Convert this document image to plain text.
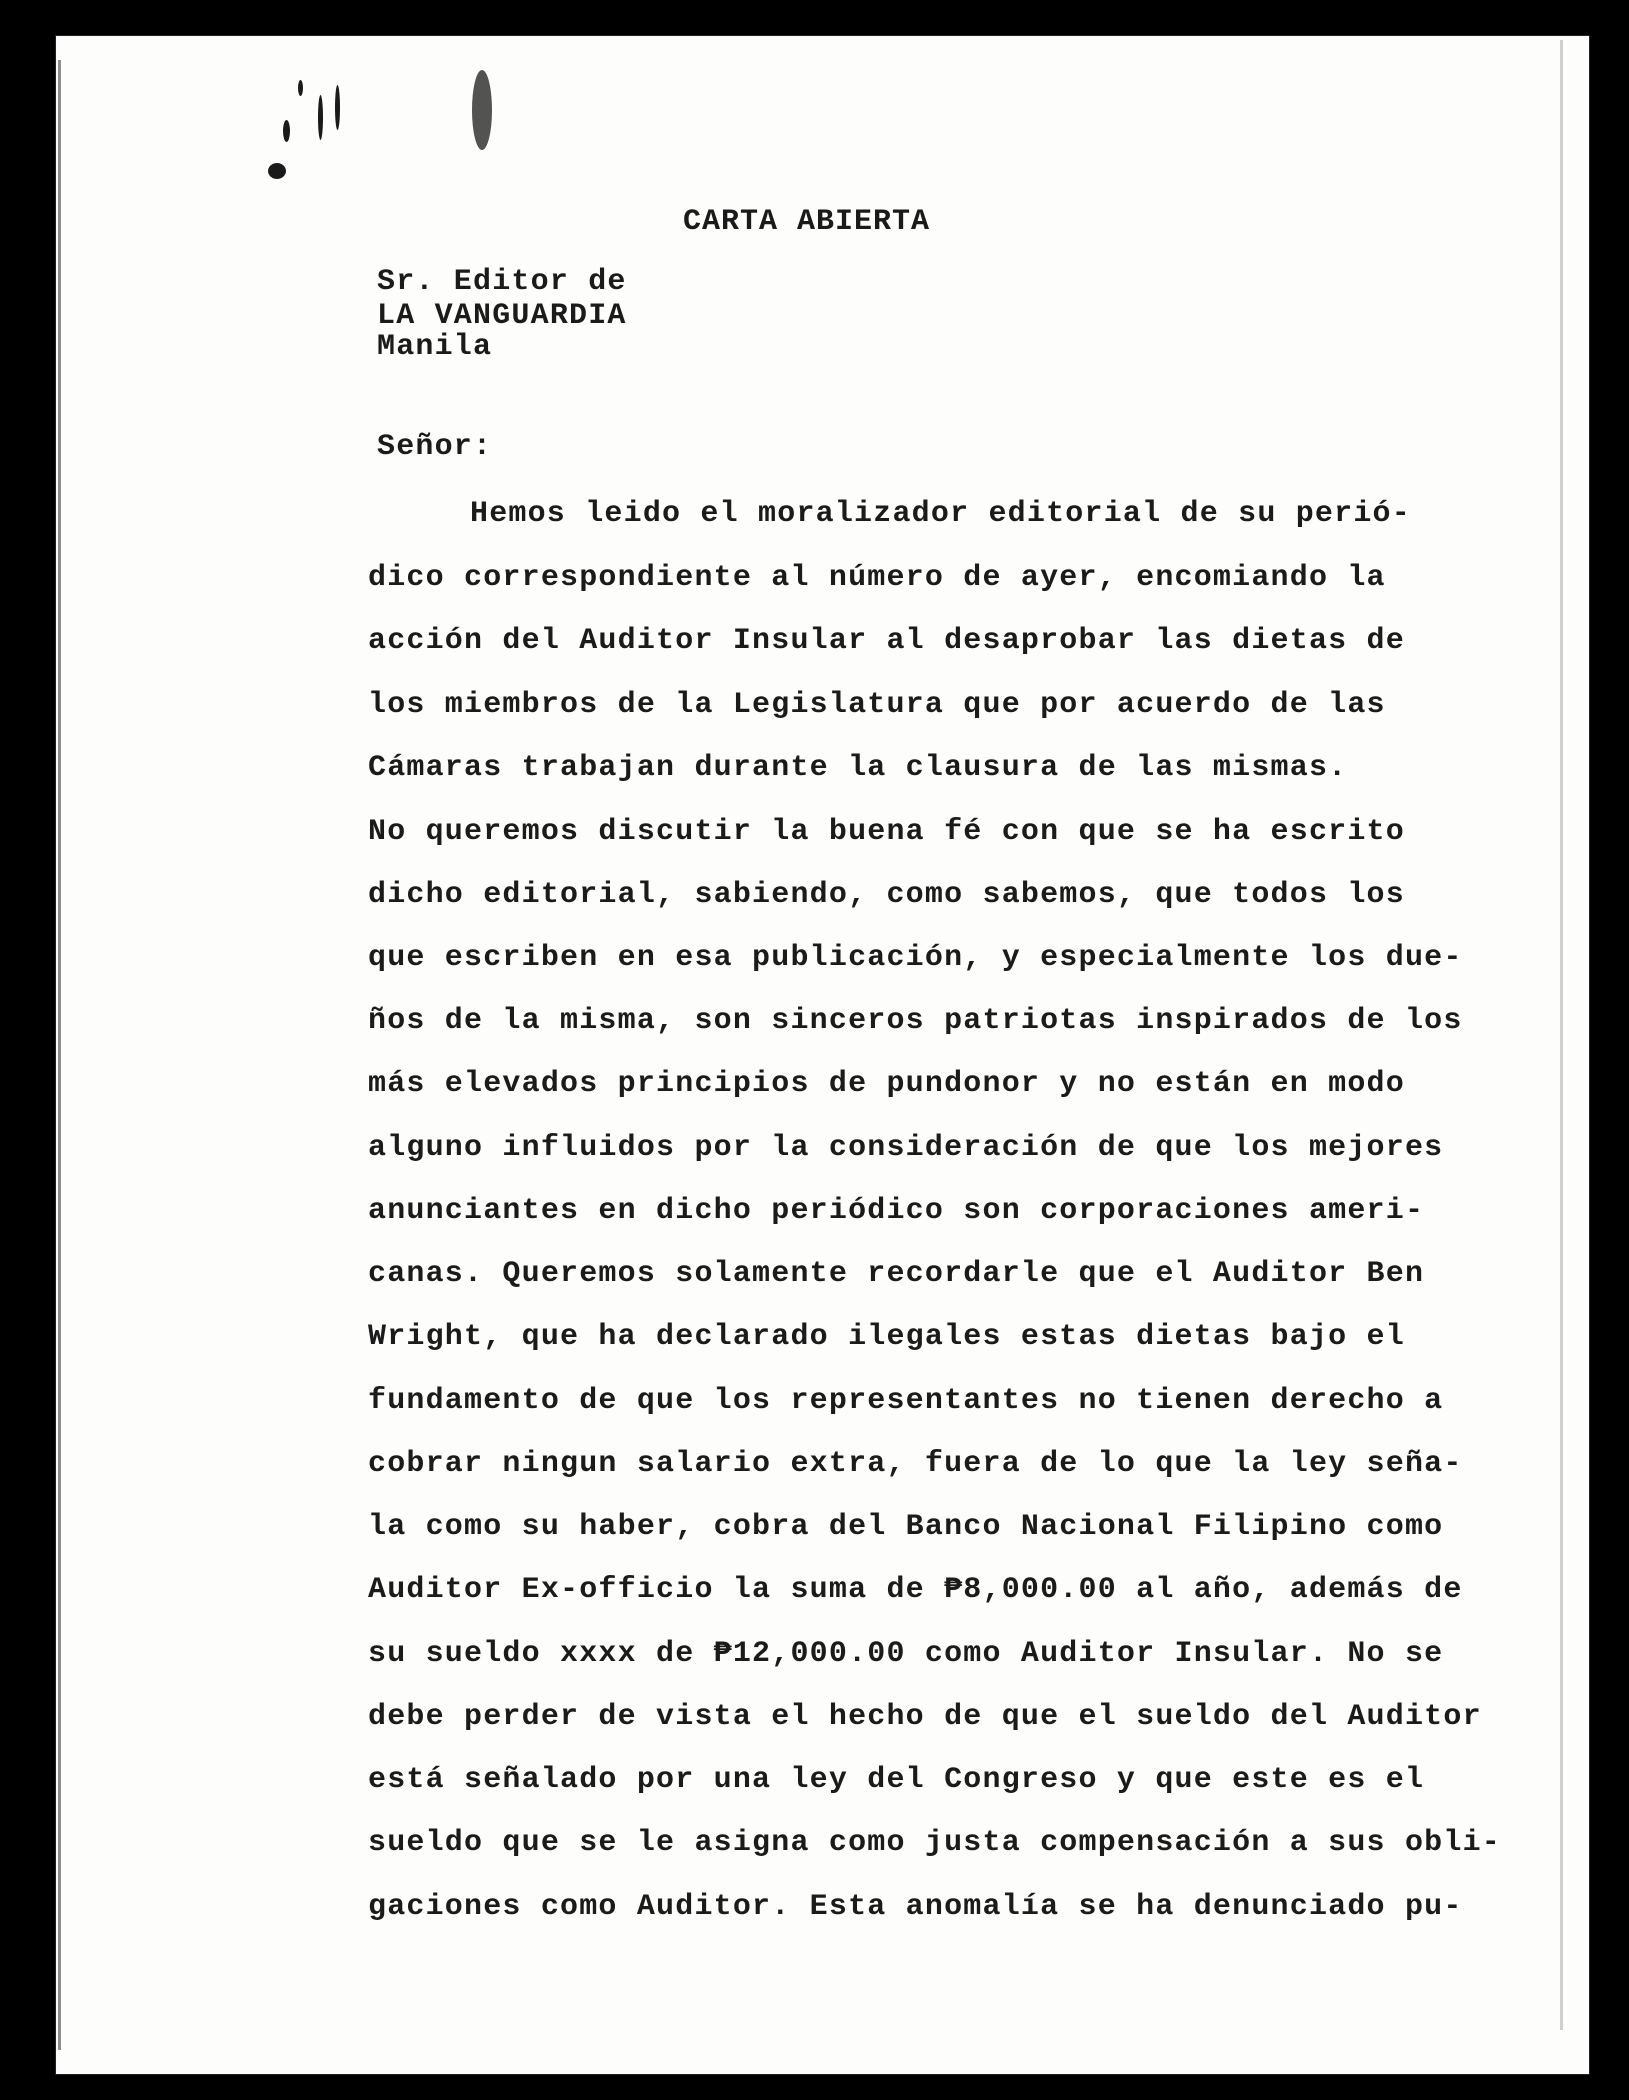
CARTA ABIERTA
Sr. Editor de
LA VANGUARDIA
Manila
Señor:
Hemos leido el moralizador editorial de su perió-
dico correspondiente al número de ayer, encomiando la
acción del Auditor Insular al desaprobar las dietas de
los miembros de la Legislatura que por acuerdo de las
Cámaras trabajan durante la clausura de las mismas.
No queremos discutir la buena fé con que se ha escrito
dicho editorial, sabiendo, como sabemos, que todos los
que escriben en esa publicación, y especialmente los due-
ños de la misma, son sinceros patriotas inspirados de los
más elevados principios de pundonor y no están en modo
alguno influidos por la consideración de que los mejores
anunciantes en dicho periódico son corporaciones ameri-
canas. Queremos solamente recordarle que el Auditor Ben
Wright, que ha declarado ilegales estas dietas bajo el
fundamento de que los representantes no tienen derecho a
cobrar ningun salario extra, fuera de lo que la ley seña-
la como su haber, cobra del Banco Nacional Filipino como
Auditor Ex-officio la suma de ₱8,000.00 al año, además de
su sueldo xxxx de ₱12,000.00 como Auditor Insular. No se
debe perder de vista el hecho de que el sueldo del Auditor
está señalado por una ley del Congreso y que este es el
sueldo que se le asigna como justa compensación a sus obli-
gaciones como Auditor. Esta anomalía se ha denunciado pu-
